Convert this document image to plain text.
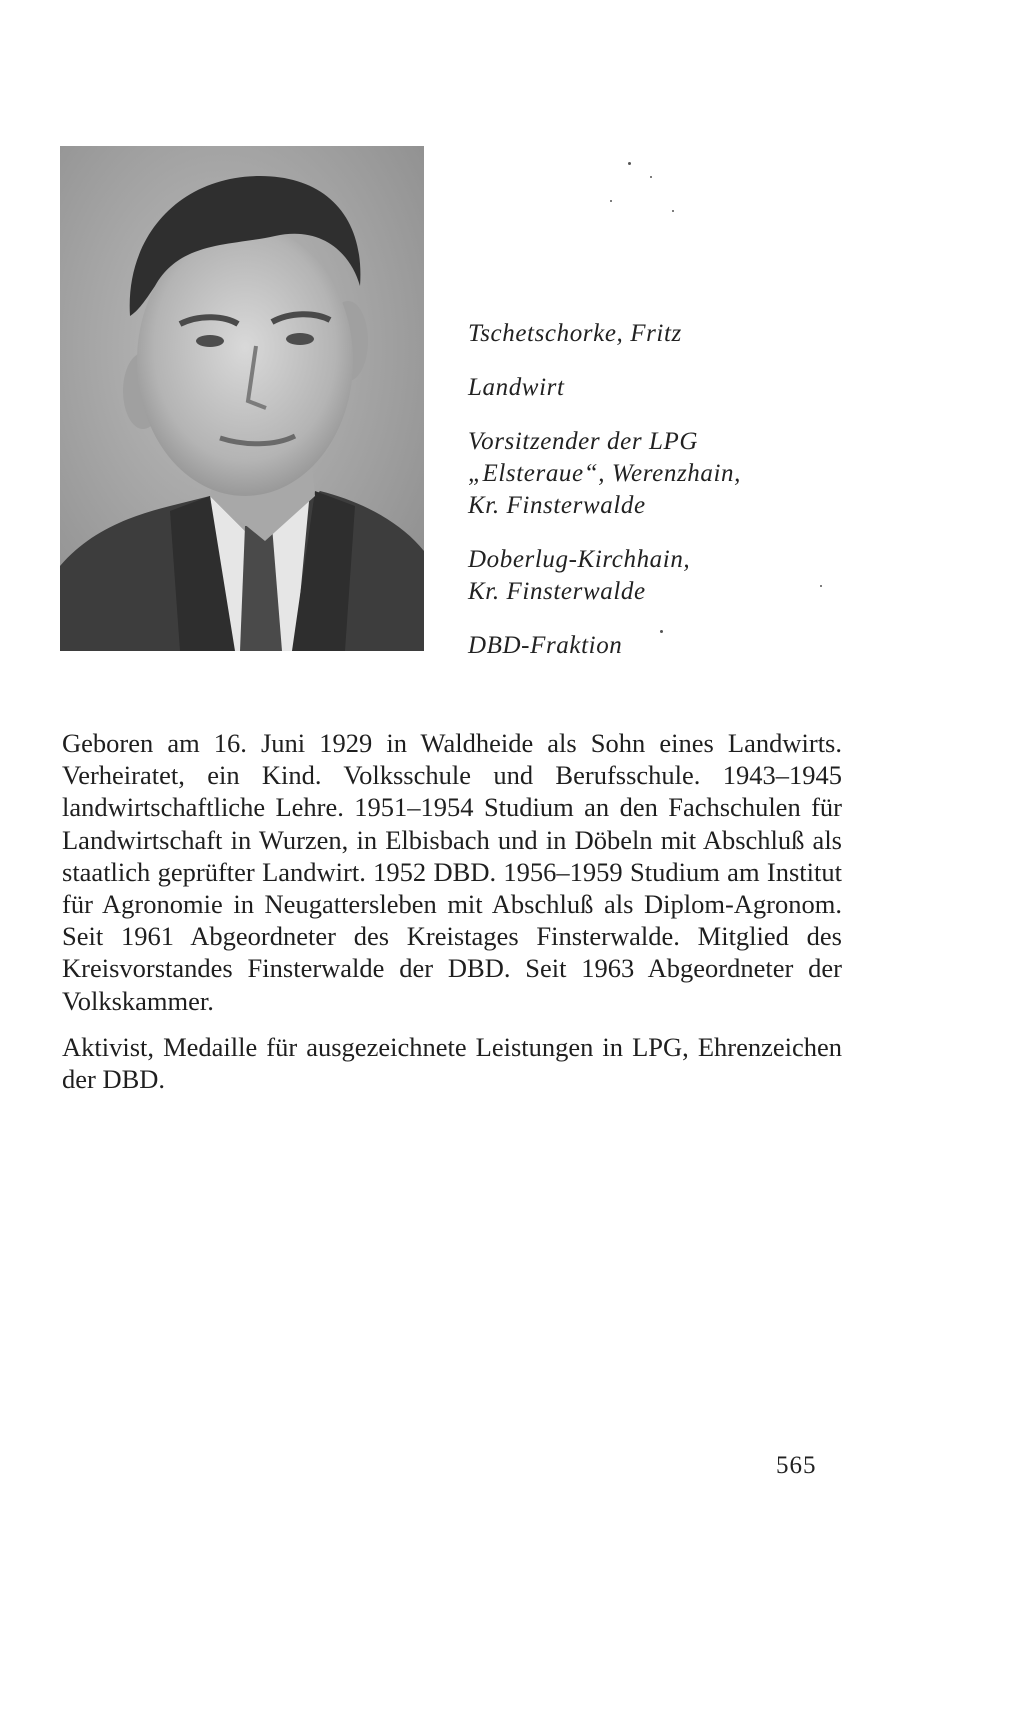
Tschetschorke, Fritz
Landwirt
Vorsitzender der LPG
„Elsteraue“, Werenzhain,
Kr. Finsterwalde
Doberlug-Kirchhain,
Kr. Finsterwalde
DBD-Fraktion

Geboren am 16. Juni 1929 in Waldheide als Sohn eines Landwirts. Verheiratet, ein Kind. Volksschule und Berufsschule. 1943–1945 landwirtschaftliche Lehre. 1951–1954 Studium an den Fachschulen für Landwirtschaft in Wurzen, in Elbisbach und in Döbeln mit Abschluß als staatlich geprüfter Landwirt. 1952 DBD. 1956–1959 Studium am Institut für Agronomie in Neugattersleben mit Abschluß als Diplom-Agronom. Seit 1961 Abgeordneter des Kreistages Finsterwalde. Mitglied des Kreisvorstandes Finsterwalde der DBD. Seit 1963 Abgeordneter der Volkskammer.

Aktivist, Medaille für ausgezeichnete Leistungen in LPG, Ehrenzeichen der DBD.

565
